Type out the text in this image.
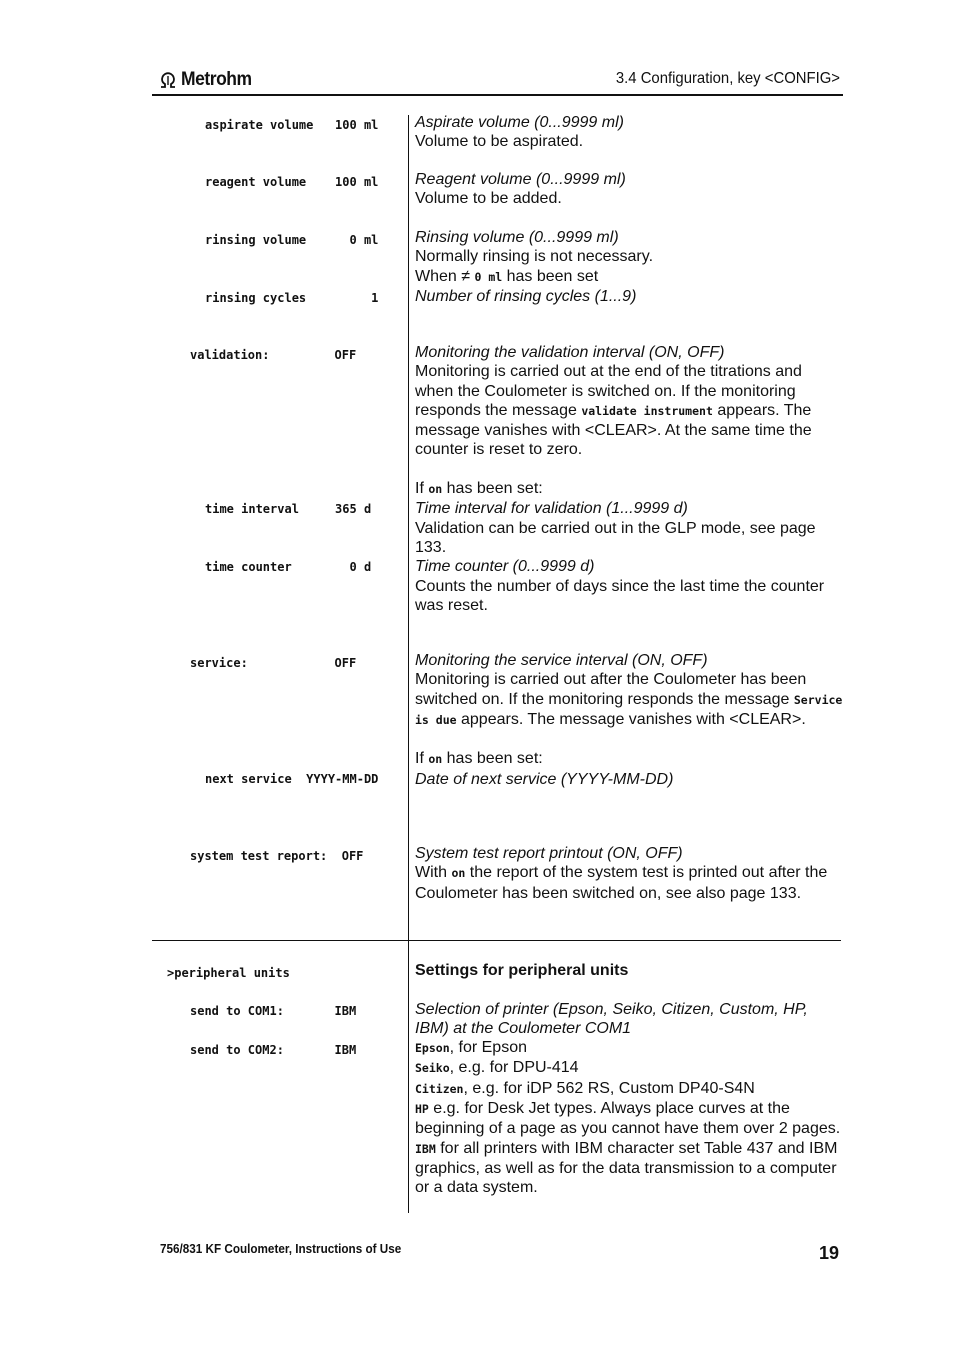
Metrohm	3.4 Configuration, key <CONFIG>
aspirate volume   100 ml
reagent volume    100 ml
rinsing volume      0 ml
rinsing cycles         1
validation:         OFF
time interval     365 d
time counter        0 d
service:            OFF
next service  YYYY-MM-DD
system test report:  OFF
>peripheral units
send to COM1:       IBM
send to COM2:       IBM

Aspirate volume (0...9999 ml)

Volume to be aspirated.

Reagent volume (0...9999 ml)

Volume to be added.

Rinsing volume (0...9999 ml)

Normally rinsing is not necessary.

When ≠ 0 ml has been set

Number of rinsing cycles (1...9)

Monitoring the validation interval (ON, OFF)

Monitoring is carried out at the end of the titrations and when the Coulometer is switched on. If the monitoring responds the message validate instrument appears. The message vanishes with <CLEAR>. At the same time the counter is reset to zero.

If on has been set:

Time interval for validation (1...9999 d)

Validation can be carried out in the GLP mode, see page 133.

Time counter (0...9999 d)

Counts the number of days since the last time the counter was reset.

Monitoring the service interval (ON, OFF)

Monitoring is carried out after the Coulometer has been switched on. If the monitoring responds the message Service is due appears. The message vanishes with <CLEAR>.

If on has been set:

Date of next service (YYYY-MM-DD)

System test report printout (ON, OFF)

With on the report of the system test is printed out after the Coulometer has been switched on, see also page 133.

Settings for peripheral units

Selection of printer (Epson, Seiko, Citizen, Custom, HP, IBM) at the Coulometer COM1

Epson, for Epson

Seiko, e.g. for DPU-414

Citizen, e.g. for iDP 562 RS, Custom DP40-S4N

HP e.g. for Desk Jet types. Always place curves at the beginning of a page as you cannot have them over 2 pages.

IBM for all printers with IBM character set Table 437 and IBM graphics, as well as for the data transmission to a computer or a data system.

756/831 KF Coulometer, Instructions of Use	19
